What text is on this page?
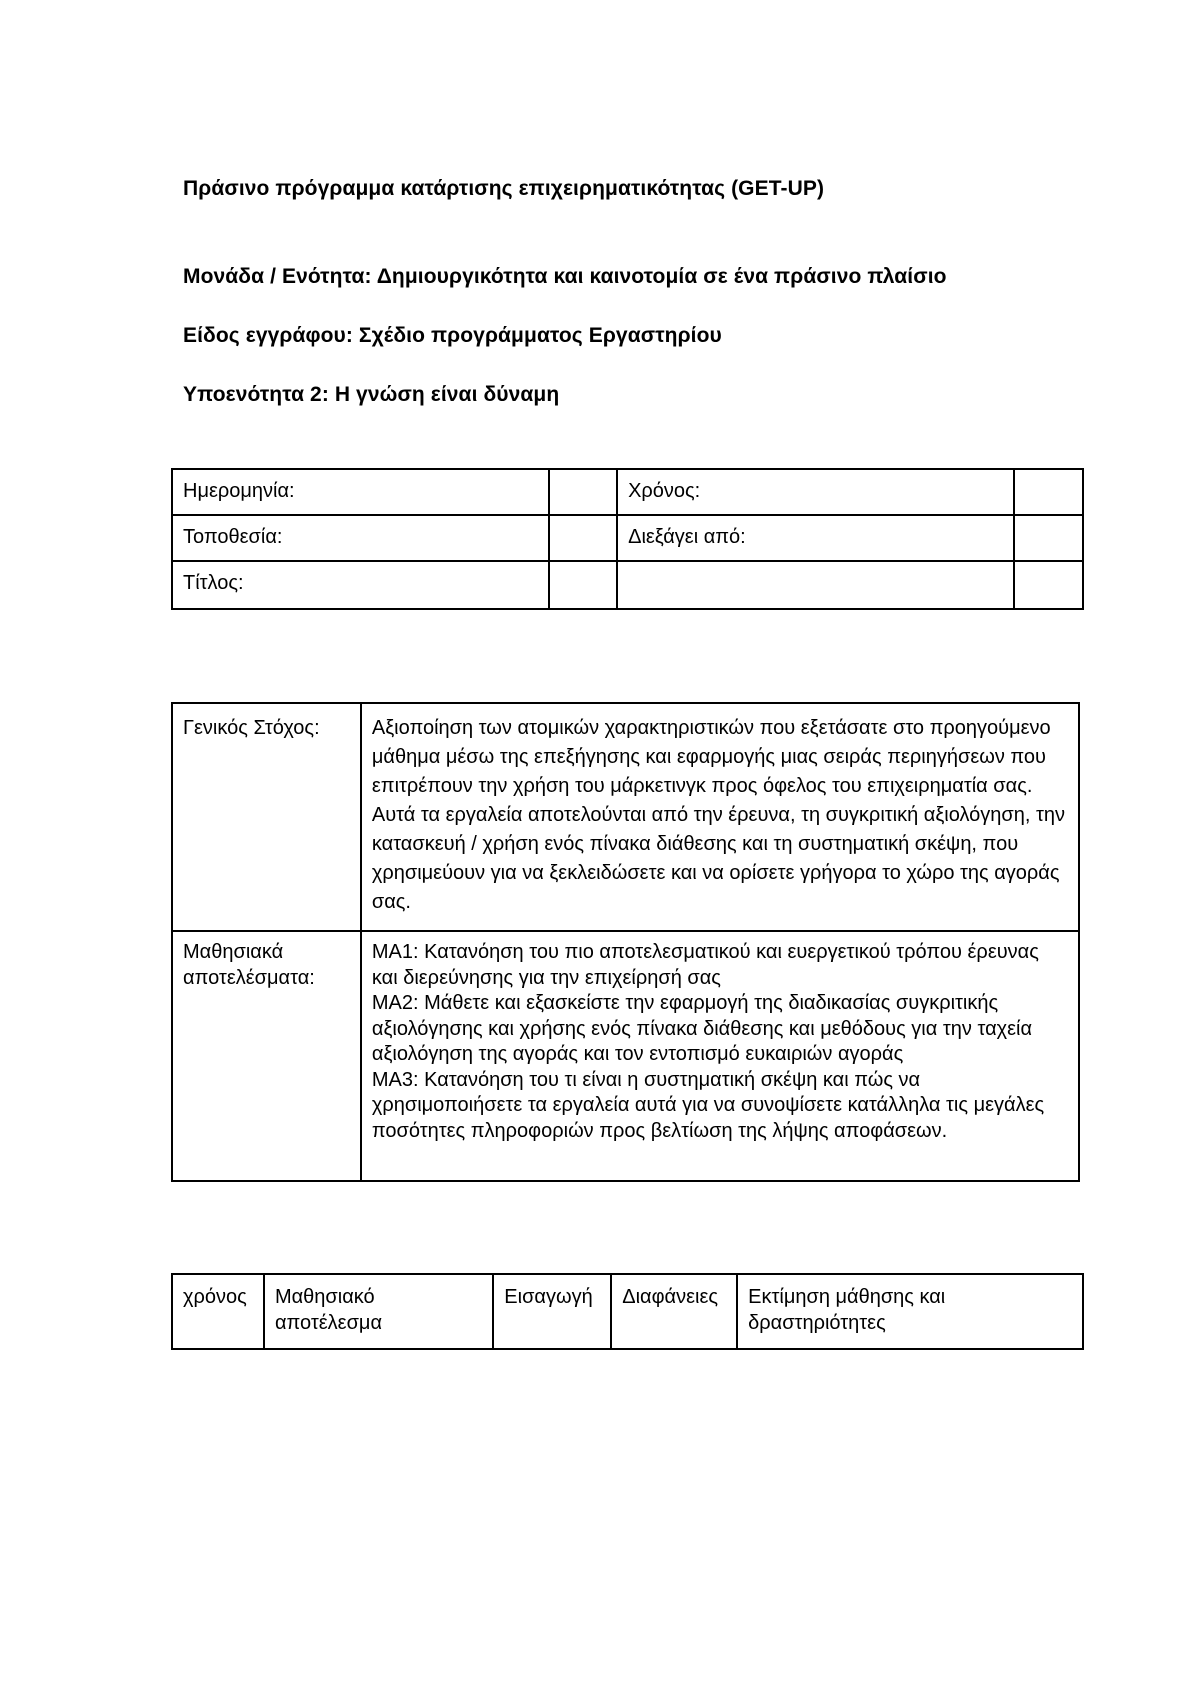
Πράσινο πρόγραμμα κατάρτισης επιχειρηματικότητας (GET-UP)
Μονάδα / Ενότητα: Δημιουργικότητα και καινοτομία σε ένα πράσινο πλαίσιο
Είδος εγγράφου: Σχέδιο προγράμματος Εργαστηρίου
Υποενότητα 2: Η γνώση είναι δύναμη
Ημερομηνία:		Χρόνος:	
Τοποθεσία:		Διεξάγει από:	
Τίτλος:			
Γενικός Στόχος:	Αξιοποίηση των ατομικών χαρακτηριστικών που εξετάσατε στο προηγούμενο μάθημα μέσω της επεξήγησης και εφαρμογής μιας σειράς περιηγήσεων που επιτρέπουν την χρήση του μάρκετινγκ προς όφελος του επιχειρηματία σας. Αυτά τα εργαλεία αποτελούνται από την έρευνα, τη συγκριτική αξιολόγηση, την κατασκευή / χρήση ενός πίνακα διάθεσης και τη συστηματική σκέψη, που χρησιμεύουν για να ξεκλειδώσετε και να ορίσετε γρήγορα το χώρο της αγοράς σας.
Μαθησιακά αποτελέσματα:	ΜΑ1: Κατανόηση του πιο αποτελεσματικού και ευεργετικού τρόπου έρευνας και διερεύνησης για την επιχείρησή σας
ΜΑ2: Μάθετε και εξασκείστε την εφαρμογή της διαδικασίας συγκριτικής αξιολόγησης και χρήσης ενός πίνακα διάθεσης και μεθόδους για την ταχεία αξιολόγηση της αγοράς και τον εντοπισμό ευκαιριών αγοράς
ΜΑ3: Κατανόηση του τι είναι η συστηματική σκέψη και πώς να χρησιμοποιήσετε τα εργαλεία αυτά για να συνοψίσετε κατάλληλα τις μεγάλες ποσότητες πληροφοριών προς βελτίωση της λήψης αποφάσεων.
χρόνος	Μαθησιακό αποτέλεσμα	Εισαγωγή	Διαφάνειες	Εκτίμηση μάθησης και δραστηριότητες
